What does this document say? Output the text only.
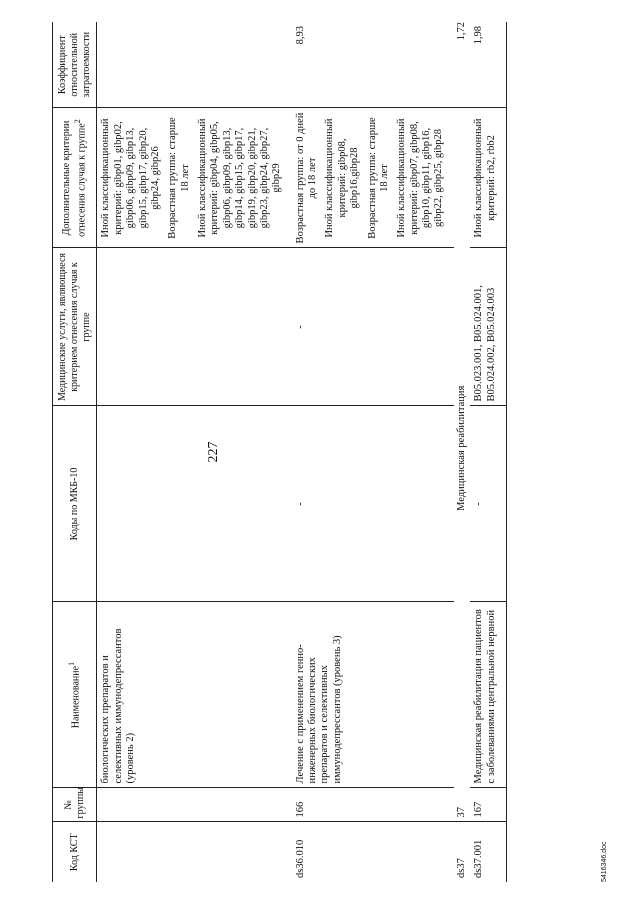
227
Код КСТ	№ группы	Наименование$^1$	Коды по МКБ-10	Медицинские услуги, являющиеся критерием отнесения случая к группе	Дополнительные критерии отнесения случая к группе$^2$	Коэффициент относительной затратоемкости
		биологических препаратов и селективных иммунодепрессантов (уровень 2)			Иной классификационный критерий: gibp01, gibp02, gibp06, gibp09, gibp13, gibp15, gibp17, gibp20, gibp24, gibp26 Возрастная группа: старше 18 лет Иной классификационный критерий: gibp04, gibp05, gibp06, gibp09, gibp13, gibp14, gibp15, gibp17, gibp19, gibp20, gibp21, gibp23, gibp24, gibp27, gibp29	

ds36.010	166	Лечение с применением генно-инженерных биологических препаратов и селективных иммунодепрессантов (уровень 3)	-	-	Возрастная группа: от 0 дней до 18 лет Иной классификационный критерий: gibp08, gibp16,gibp28 Возрастная группа: старше 18 лет Иной классификационный критерий: gibp07, gibp08, gibp10, gibp11, gibp16, gibp22, gibp25, gibp28	8,93
ds37	37	Медицинская реабилитация				1,72
ds37.001	167	Медицинская реабилитация пациентов с заболеваниями центральной нервной	-	B05.023.001, B05.024.001, B05.024.002, B05.024.003	Иной классификационный критерий: rb2, rbb2	1,98
5416346.doc
